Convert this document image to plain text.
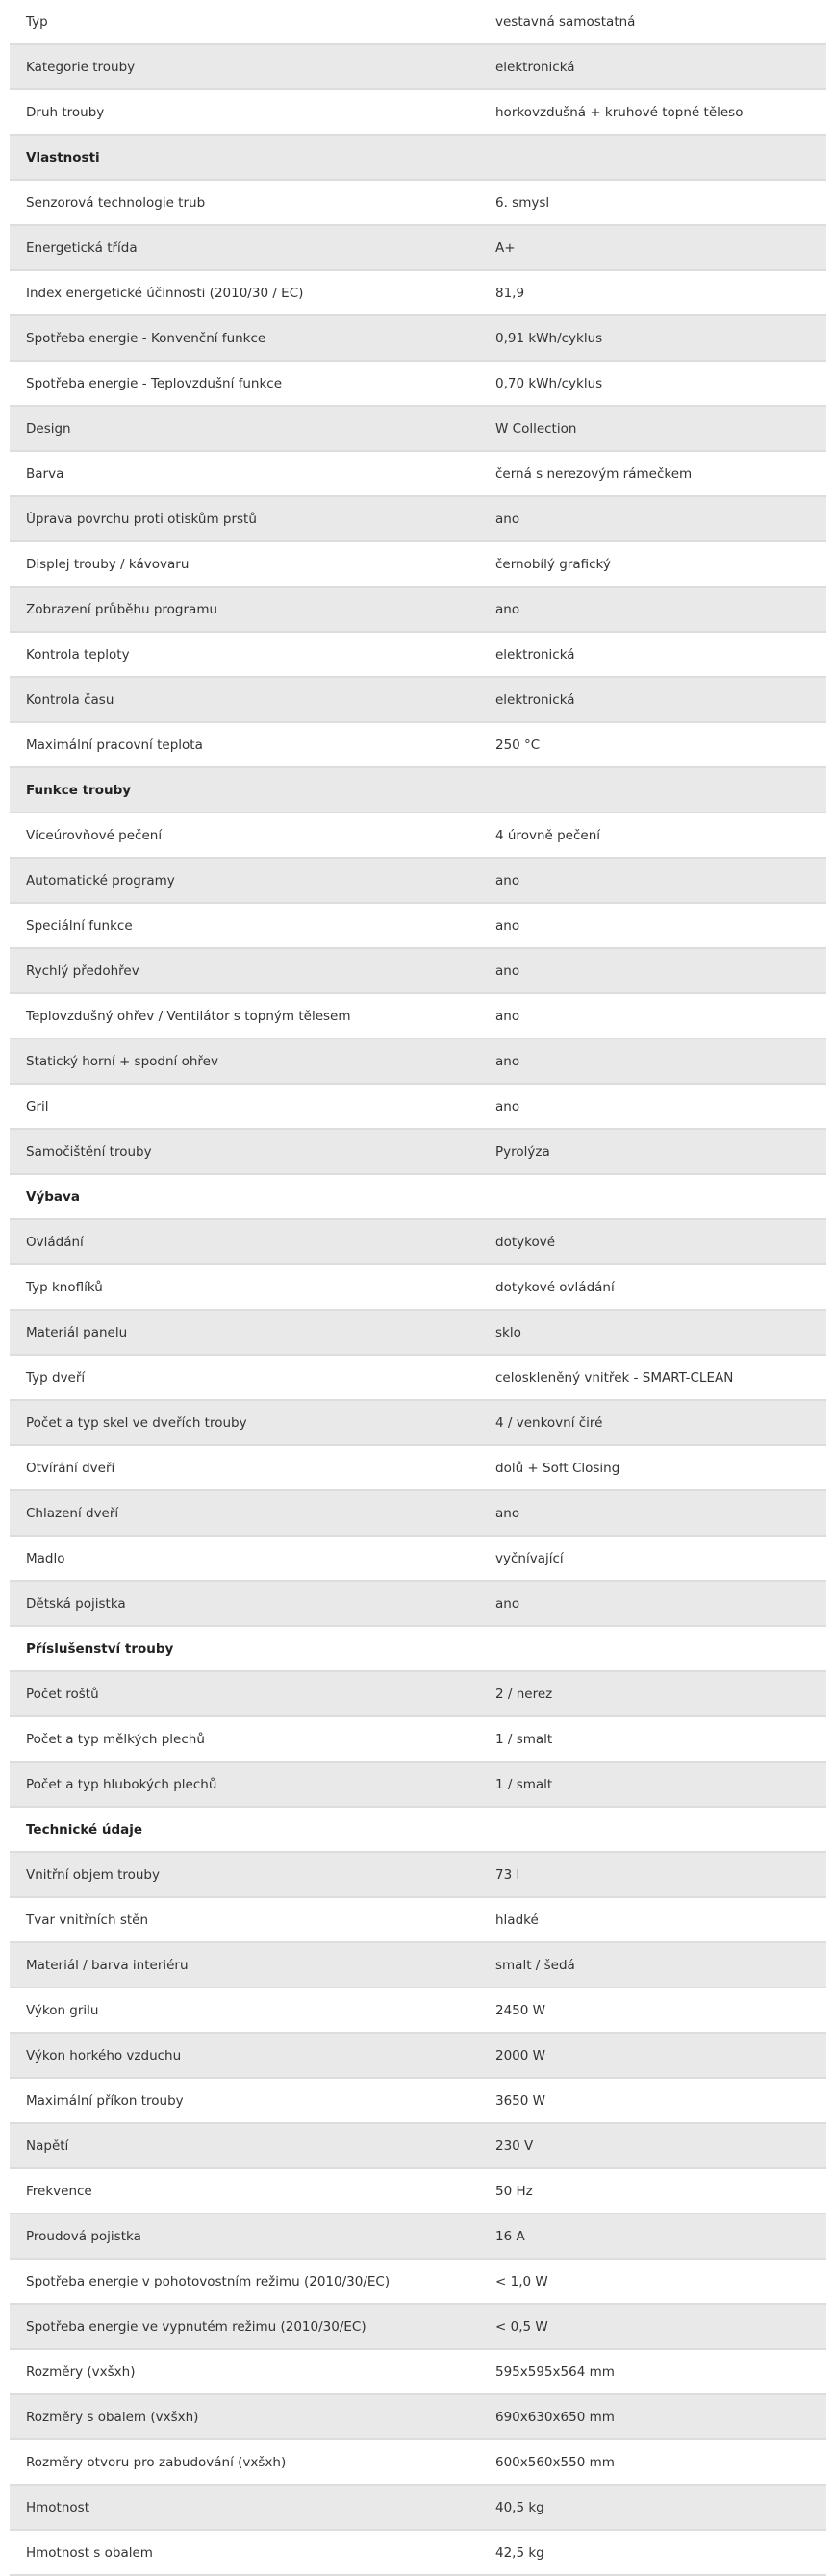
Typ	vestavná samostatná
Kategorie trouby	elektronická
Druh trouby	horkovzdušná + kruhové topné těleso
Vlastnosti
Senzorová technologie trub	6. smysl
Energetická třída	A+
Index energetické účinnosti (2010/30 / EC)	81,9
Spotřeba energie - Konvenční funkce	0,91 kWh/cyklus
Spotřeba energie - Teplovzdušní funkce	0,70 kWh/cyklus
Design	W Collection
Barva	černá s nerezovým rámečkem
Úprava povrchu proti otiskům prstů	ano
Displej trouby / kávovaru	černobílý grafický
Zobrazení průběhu programu	ano
Kontrola teploty	elektronická
Kontrola času	elektronická
Maximální pracovní teplota	250 °C
Funkce trouby
Víceúrovňové pečení	4 úrovně pečení
Automatické programy	ano
Speciální funkce	ano
Rychlý předohřev	ano
Teplovzdušný ohřev / Ventilátor s topným tělesem	ano
Statický horní + spodní ohřev	ano
Gril	ano
Samočištění trouby	Pyrolýza
Výbava
Ovládání	dotykové
Typ knoflíků	dotykové ovládání
Materiál panelu	sklo
Typ dveří	celoskleněný vnitřek - SMART-CLEAN
Počet a typ skel ve dveřích trouby	4 / venkovní čiré
Otvírání dveří	dolů + Soft Closing
Chlazení dveří	ano
Madlo	vyčnívající
Dětská pojistka	ano
Příslušenství trouby
Počet roštů	2 / nerez
Počet a typ mělkých plechů	1 / smalt
Počet a typ hlubokých plechů	1 / smalt
Technické údaje
Vnitřní objem trouby	73 l
Tvar vnitřních stěn	hladké
Materiál / barva interiéru	smalt / šedá
Výkon grilu	2450 W
Výkon horkého vzduchu	2000 W
Maximální příkon trouby	3650 W
Napětí	230 V
Frekvence	50 Hz
Proudová pojistka	16 A
Spotřeba energie v pohotovostním režimu (2010/30/EC)	< 1,0 W
Spotřeba energie ve vypnutém režimu (2010/30/EC)	< 0,5 W
Rozměry (vxšxh)	595x595x564 mm
Rozměry s obalem (vxšxh)	690x630x650 mm
Rozměry otvoru pro zabudování (vxšxh)	600x560x550 mm
Hmotnost	40,5 kg
Hmotnost s obalem	42,5 kg
